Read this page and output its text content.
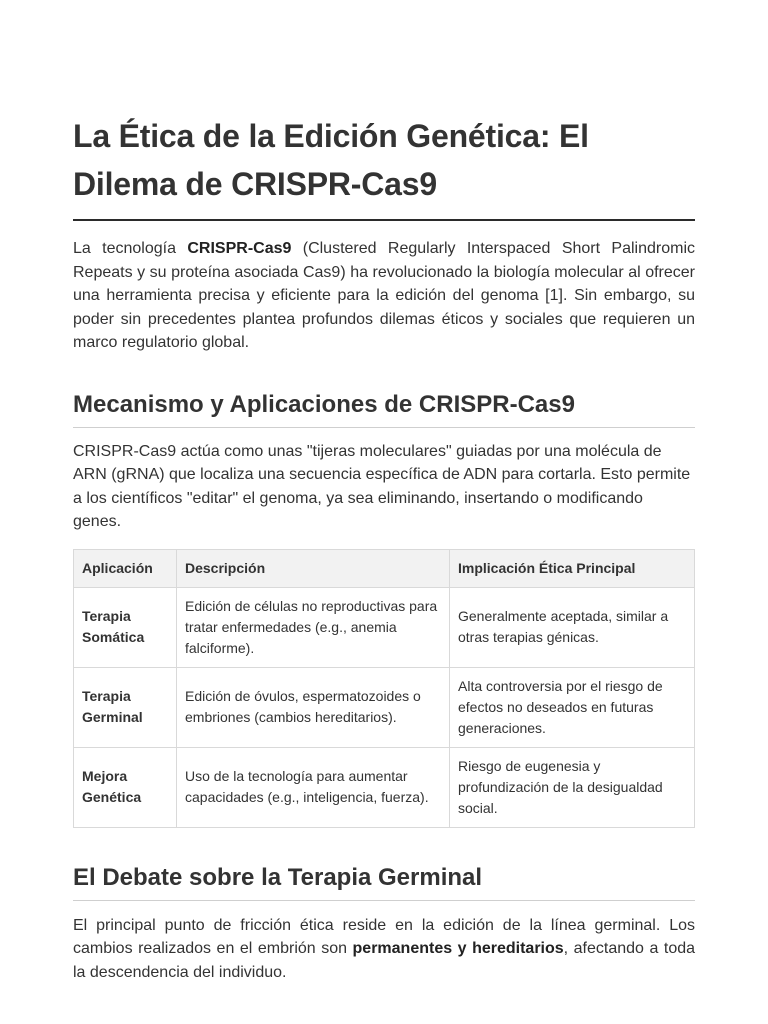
La Ética de la Edición Genética: El Dilema de CRISPR-Cas9

La tecnología CRISPR-Cas9 (Clustered Regularly Interspaced Short Palindromic Repeats y su proteína asociada Cas9) ha revolucionado la biología molecular al ofrecer una herramienta precisa y eficiente para la edición del genoma [1]. Sin embargo, su poder sin precedentes plantea profundos dilemas éticos y sociales que requieren un marco regulatorio global.

Mecanismo y Aplicaciones de CRISPR-Cas9

CRISPR-Cas9 actúa como unas "tijeras moleculares" guiadas por una molécula de ARN (gRNA) que localiza una secuencia específica de ADN para cortarla. Esto permite a los científicos "editar" el genoma, ya sea eliminando, insertando o modificando genes.

Aplicación	Descripción	Implicación Ética Principal
Terapia Somática	Edición de células no reproductivas para tratar enfermedades (e.g., anemia falciforme).	Generalmente aceptada, similar a otras terapias génicas.
Terapia Germinal	Edición de óvulos, espermatozoides o embriones (cambios hereditarios).	Alta controversia por el riesgo de efectos no deseados en futuras generaciones.
Mejora Genética	Uso de la tecnología para aumentar capacidades (e.g., inteligencia, fuerza).	Riesgo de eugenesia y profundización de la desigualdad social.
El Debate sobre la Terapia Germinal

El principal punto de fricción ética reside en la edición de la línea germinal. Los cambios realizados en el embrión son permanentes y hereditarios, afectando a toda la descendencia del individuo.
